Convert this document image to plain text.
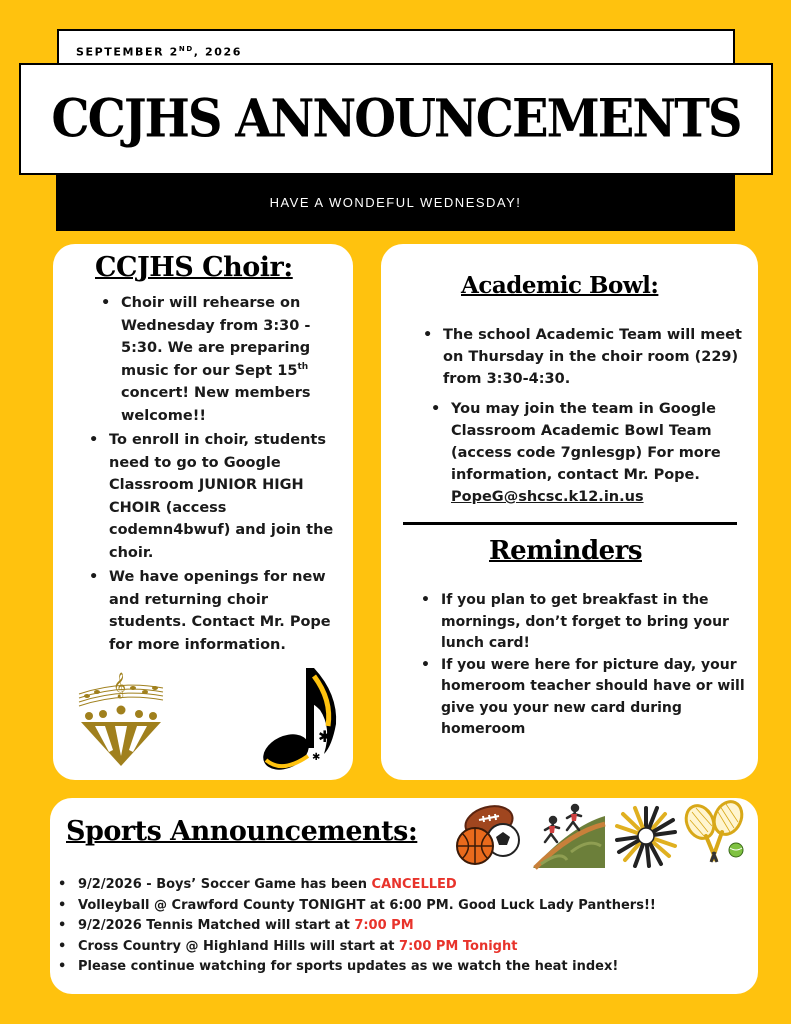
SEPTEMBER 2ND, 2026
CCJHS ANNOUNCEMENTS
HAVE A WONDEFUL WEDNESDAY!
CCJHS Choir:
• Choir will rehearse on Wednesday from 3:30 - 5:30. We are preparing music for our Sept 15th concert! New members welcome!!
• To enroll in choir, students need to go to Google Classroom JUNIOR HIGH CHOIR (access codemn4bwuf) and join the choir.
• We have openings for new and returning choir students. Contact Mr. Pope for more information.
𝄞
✱
✱
Academic Bowl:
• The school Academic Team will meet on Thursday in the choir room (229) from 3:30-4:30.
• You may join the team in Google Classroom Academic Bowl Team (access code 7gnlesgp) For more information, contact Mr. Pope. PopeG@shcsc.k12.in.us
Reminders
• If you plan to get breakfast in the mornings, don’t forget to bring your lunch card!
• If you were here for picture day, your homeroom teacher should have or will give you your new card during homeroom
Sports Announcements:
• 9/2/2026 - Boys’ Soccer Game has been CANCELLED
• Volleyball @ Crawford County TONIGHT at 6:00 PM. Good Luck Lady Panthers!!
• 9/2/2026 Tennis Matched will start at 7:00 PM
• Cross Country @ Highland Hills will start at 7:00 PM Tonight
• Please continue watching for sports updates as we watch the heat index!
